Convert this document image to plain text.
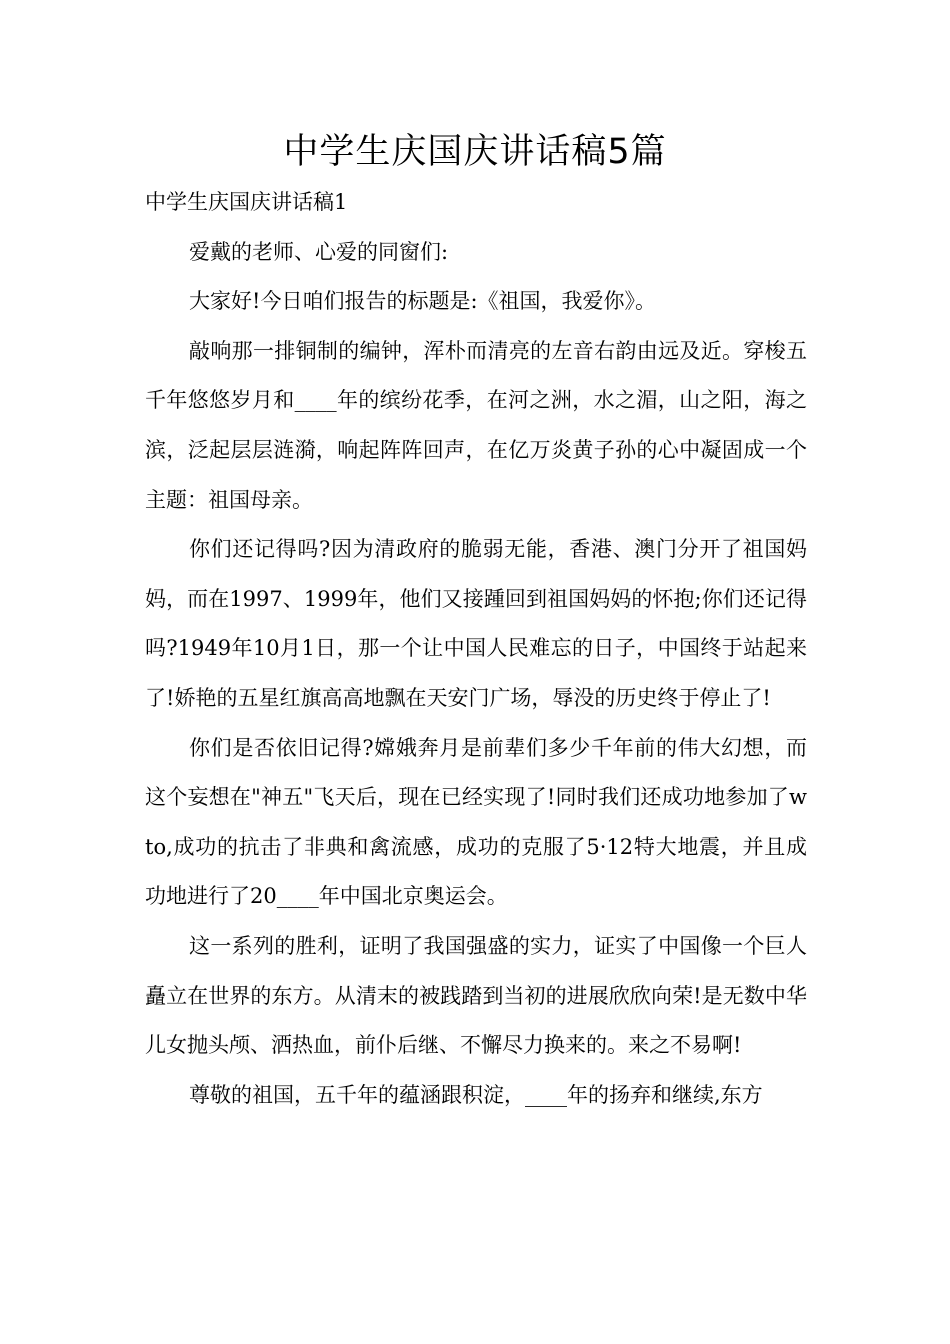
中学生庆国庆讲话稿5篇

中学生庆国庆讲话稿1

爱戴的老师、心爱的同窗们:

大家好!今日咱们报告的标题是:《祖国，我爱你》。

敲响那一排铜制的编钟，浑朴而清亮的左音右韵由远及近。穿梭五千年悠悠岁月和____年的缤纷花季，在河之洲，水之湄，山之阳，海之滨，泛起层层涟漪，响起阵阵回声，在亿万炎黄子孙的心中凝固成一个主题：祖国母亲。

你们还记得吗?因为清政府的脆弱无能，香港、澳门分开了祖国妈妈，而在1997、1999年，他们又接踵回到祖国妈妈的怀抱;你们还记得吗?1949年10月1日，那一个让中国人民难忘的日子，中国终于站起来了!娇艳的五星红旗高高地飘在天安门广场，辱没的历史终于停止了!

你们是否依旧记得?嫦娥奔月是前辈们多少千年前的伟大幻想，而这个妄想在"神五"飞天后，现在已经实现了!同时我们还成功地参加了wto,成功的抗击了非典和禽流感，成功的克服了5·12特大地震，并且成功地进行了20____年中国北京奥运会。

这一系列的胜利，证明了我国强盛的实力，证实了中国像一个巨人矗立在世界的东方。从清末的被践踏到当初的进展欣欣向荣!是无数中华儿女抛头颅、洒热血，前仆后继、不懈尽力换来的。来之不易啊!

尊敬的祖国，五千年的蕴涵跟积淀，____年的扬弃和继续,东方
